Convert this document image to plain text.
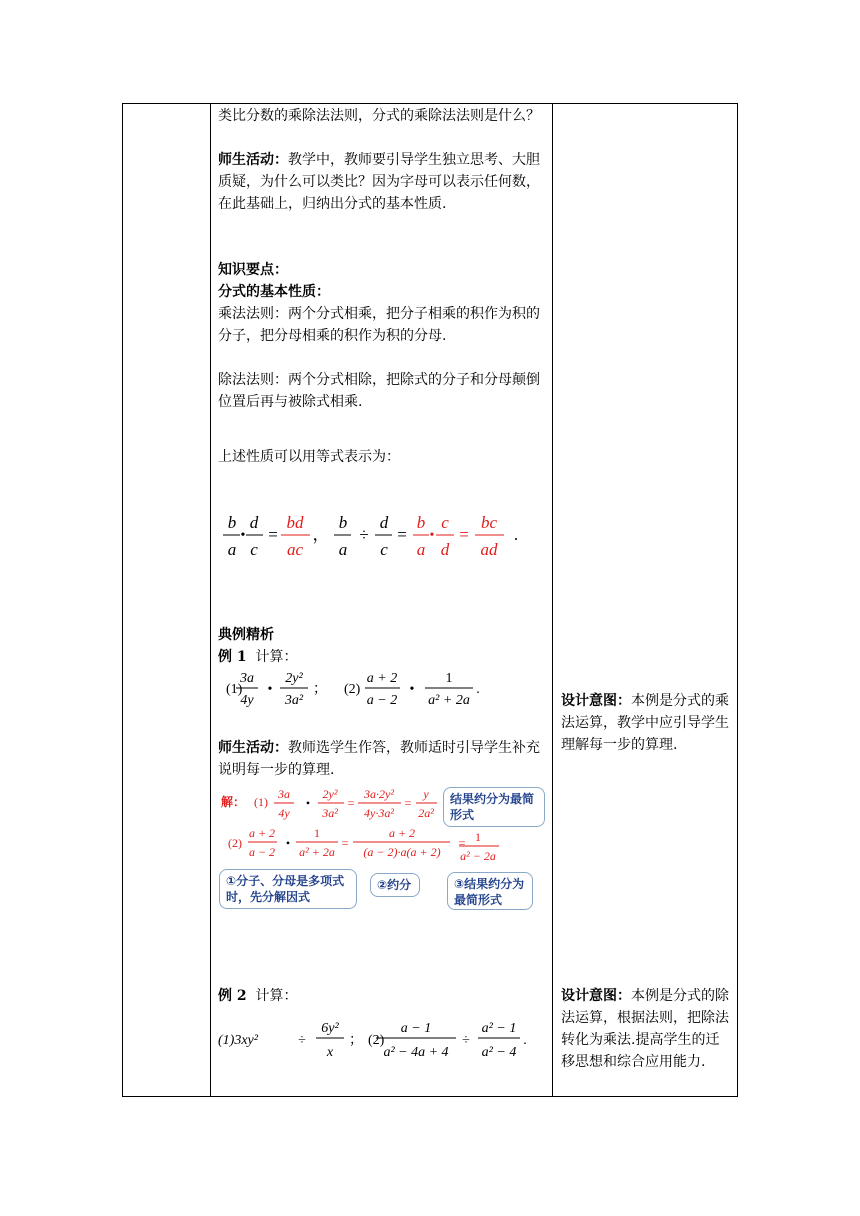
类比分数的乘除法法则，分式的乘除法法则是什么？

师生活动：教学中，教师要引导学生独立思考、大胆质疑，为什么可以类比？因为字母可以表示任何数，在此基础上，归纳出分式的基本性质.

知识要点：

分式的基本性质：

乘法法则：两个分式相乘，把分子相乘的积作为积的分子，把分母相乘的积作为积的分母.

除法法则：两个分式相除，把除式的分子和分母颠倒位置后再与被除式相乘.

上述性质可以用等式表示为：

b
a
•
d
c
=
bd
ac
，
b
a
÷
d
c
=
b
a
•
c
d
=
bc
ad
.

典例精析

例 1 计算：

(1)
3a
4y
•
2y²
3a²
； (2)
a + 2
a − 2
•
1
a² + 2a
.

师生活动：教师选学生作答，教师适时引导学生补充说明每一步的算理.

解： (1)
3a
4y
•
2y²
3a²
=
3a·2y²
4y·3a²
=
y
2a²
(2)
a + 2
a − 2
•
1
a² + 2a
=
a + 2
(a − 2)·a(a + 2)
= 1
a² − 2a
结果约分为最简形式
①分子、分母是多项式时，先分解因式
②约分	③结果约分为最简形式

例 2 计算：

(1)3xy²	÷
6y²
x
； (2)
a − 1
a² − 4a + 4
÷
a² − 1
a² − 4
.
设计意图：本例是分式的乘法运算，教学中应引导学生理解每一步的算理.
设计意图：本例是分式的除法运算，根据法则，把除法转化为乘法.提高学生的迁移思想和综合应用能力.
